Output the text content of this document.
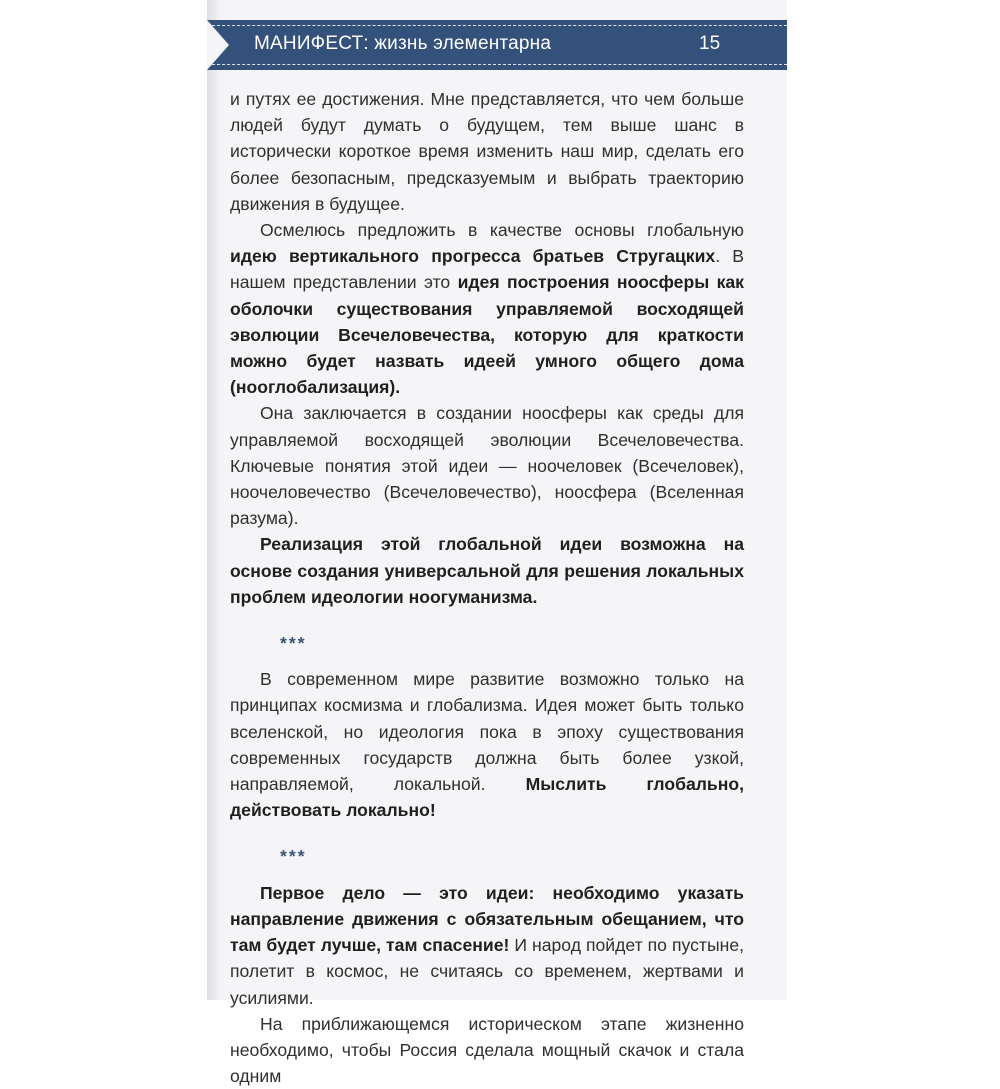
МАНИФЕСТ: жизнь элементарна	15

и путях ее достижения. Мне представляется, что чем больше людей будут думать о будущем, тем выше шанс в исторически короткое время изменить наш мир, сделать его более безопасным, предсказуемым и выбрать траекторию движения в будущее.

Осмелюсь предложить в качестве основы глобальную идею вертикального прогресса братьев Стругацких. В нашем представлении это идея построения ноосферы как оболочки существования управляемой восходящей эволюции Всечеловечества, которую для краткости можно будет назвать идеей умного общего дома (нооглобализация).

Она заключается в создании ноосферы как среды для управляемой восходящей эволюции Всечеловечества. Ключевые понятия этой идеи — ноочеловек (Всечеловек), ноочеловечество (Всечеловечество), ноосфера (Вселенная разума).

Реализация этой глобальной идеи возможна на основе создания универсальной для решения локальных проблем идеологии ноогуманизма.

***

В современном мире развитие возможно только на принципах космизма и глобализма. Идея может быть только вселенской, но идеология пока в эпоху существования современных государств должна быть более узкой, направляемой, локальной. Мыслить глобально, действовать локально!

***

Первое дело — это идеи: необходимо указать направление движения с обязательным обещанием, что там будет лучше, там спасение! И народ пойдет по пустыне, полетит в космос, не считаясь со временем, жертвами и усилиями.

На приближающемся историческом этапе жизненно необходимо, чтобы Россия сделала мощный скачок и стала одним
